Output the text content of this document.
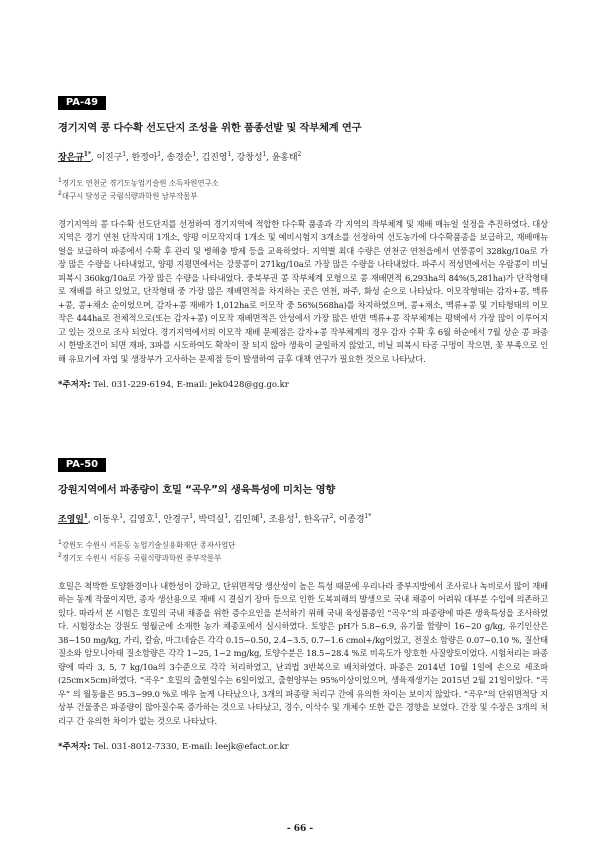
PA-49
경기지역 콩 다수확 선도단지 조성을 위한 품종선발 및 작부체계 연구
장은규$^{1*}$, 이진구$^1$, 한정아$^1$, 송경순$^1$, 김진영$^1$, 강창성$^1$, 윤홍태$^2$
$^1$경기도 연천군 경기도농업기술원 소득자원연구소
$^2$대구시 달성군 국립식량과학원 남부작물부
경기지역의 콩 다수확 선도단지를 선정하여 경기지역에 적합한 다수확 품종과 각 지역의 작부체계 및 재배 매뉴얼 설정을 추진하였다. 대상지역은 경기 연천 단작지대 1개소, 양평 이모작지대 1개소 및 예비시험지 3개소를 선정하여 선도농가에 다수확품종을 보급하고, 재배매뉴얼을 보급하여 파종에서 수확 후 관리 및 병해충 방제 등을 교육하였다. 지역별 최대 수량은 연천군 연천읍에서 연풍콩이 328kg/10a로 가장 많은 수량을 나타내었고, 양평 지평면에서는 강풍콩이 271kg/10a로 가장 많은 수량을 나타내었다. 파주시 적성면에서는 우람콩이 비닐피복시 360kg/10a로 가장 많은 수량을 나타내었다. 중북부권 콩 작부체계 모형으로 콩 재배면적 6,293ha의 84%(5,281ha)가 단작형태로 재배를 하고 있었고, 단작형태 중 가장 많은 재배면적을 차지하는 곳은 연천, 파주, 화성 순으로 나타났다. 이모작형태는 감자+콩, 맥류+콩, 콩+채소 순이었으며, 감자+콩 재배가 1,012ha로 이모작 중 56%(568ha)를 차지하였으며, 콩+채소, 맥류+콩 및 기타형태의 이모작은 444ha로 전체적으로(또는 감자+콩) 이모작 재배면적은 안성에서 가장 많은 반면 맥류+콩 작부체계는 평택에서 가장 많이 이루어지고 있는 것으로 조사 되었다. 경기지역에서의 이모작 재배 문제점은 감자+콩 작부체계의 경우 감자 수확 후 6월 하순에서 7월 상순 콩 파종시 한발조건이 되면 재파, 3파를 시도하여도 확착이 잘 되지 않아 생육이 균일하지 않았고, 비닐 피복시 타공 구멍이 작으면, 꽃 부족으로 인해 유묘기에 자엽 및 생장부가 고사하는 문제점 등이 발생하여 금후 대책 연구가 필요한 것으로 나타났다.
*주저자: Tel. 031-229-6194, E-mail: jek0428@gg.go.kr
PA-50
강원지역에서 파종량이 호밀 “곡우”의 생육특성에 미치는 영향
조영일$^1$, 이동우$^1$, 김영호$^1$, 안경구$^1$, 박덕실$^1$, 김인혜$^1$, 조용성$^1$, 한옥규$^2$, 이종경$^{1*}$
$^1$강원도 수원시 서둔동 농업기술실용화재단 종자사업단
$^2$경기도 수원시 서둔동 국립식량과학원 중부작물부
호밀은 척박한 토양환경이나 내한성이 강하고, 단위면적당 생산성이 높은 특성 때문에 우리나라 중부지방에서 조사료나 녹비로서 많이 재배하는 동계 작물이지만, 종자 생산용으로 재배 시 결실기 장마 등으로 인한 도복피해의 발생으로 국내 채종이 어려워 대부분 수입에 의존하고 있다. 따라서 본 시험은 호밀의 국내 채종을 위한 증수요인을 분석하기 위해 국내 육성품종인 “곡우”의 파종량에 따른 생육특성을 조사하였다. 시험장소는 강원도 영월군에 소재한 농가 채종포에서 실시하였다. 토양은 pH가 5.8~6.9, 유기물 함량이 16~20 g/kg, 유기인산은 38~150 mg/kg, 가리, 칼슘, 마그네슘은 각각 0.15~0.50, 2.4~3.5, 0.7~1.6 cmol+/kg이었고, 전질소 함량은 0.07~0.10 %, 질산태 질소와 암모니아태 질소함량은 각각 1~25, 1~2 mg/kg, 토양수분은 18.5~28.4 %로 비옥도가 양호한 사질양토이었다. 시험처리는 파종량에 따라 3, 5, 7 kg/10a의 3수준으로 각각 처리하였고, 난괴법 3반복으로 배치하였다. 파종은 2014년 10월 1일에 손으로 세조파(25cm×5cm)하였다. “곡우” 호밀의 출현일수는 6일이었고, 출현양부는 95%이상이었으며, 생육재생기는 2015년 2월 21일이었다. “곡우” 의 월동율은 95.3~99.0 %로 매우 높게 나타났으나, 3개의 파종량 처리구 간에 유의한 차이는 보이지 않았다. “곡우”의 단위면적당 지상부 건물중은 파종량이 많아질수록 증가하는 것으로 나타났고, 경수, 이삭수 및 개체수 또한 같은 경향을 보였다. 간장 및 수장은 3개의 처리구 간 유의한 차이가 없는 것으로 나타났다.
*주저자: Tel. 031-8012-7330, E-mail: leejk@efact.or.kr
- 66 -
